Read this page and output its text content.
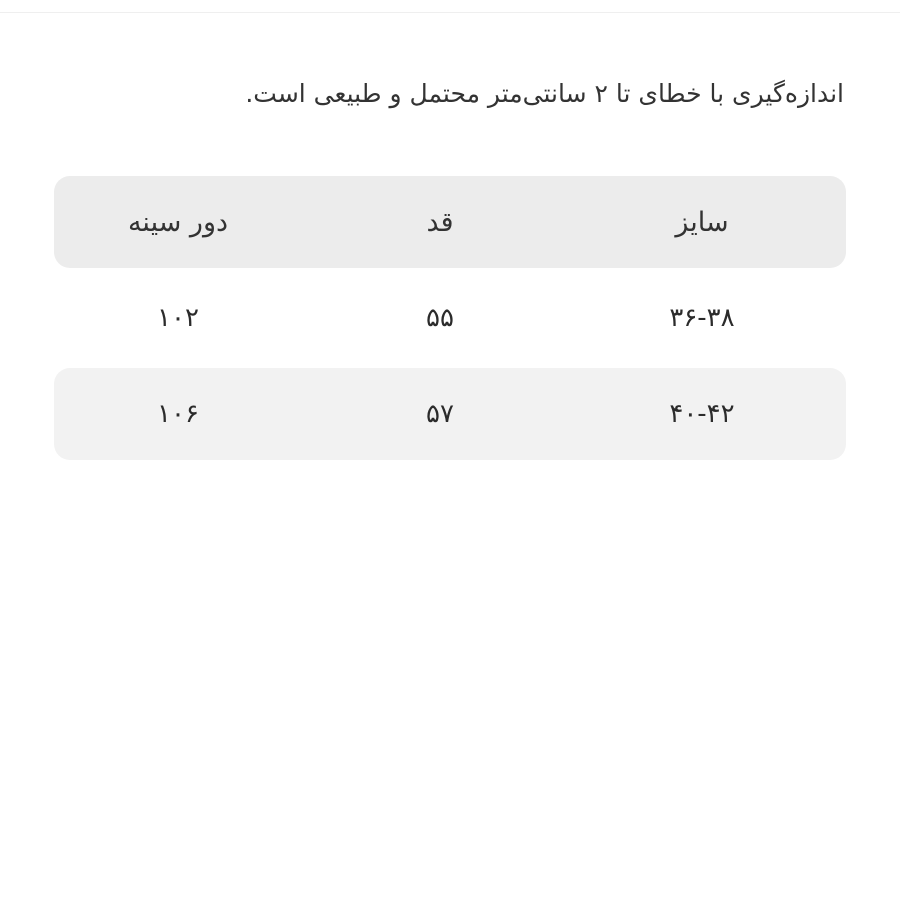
اندازه‌گیری با خطای تا ۲ سانتی‌متر محتمل و طبیعی است.
سایز
قد
دور سینه
۳۶-۳۸
۵۵
۱۰۲
۴۰-۴۲
۵۷
۱۰۶
